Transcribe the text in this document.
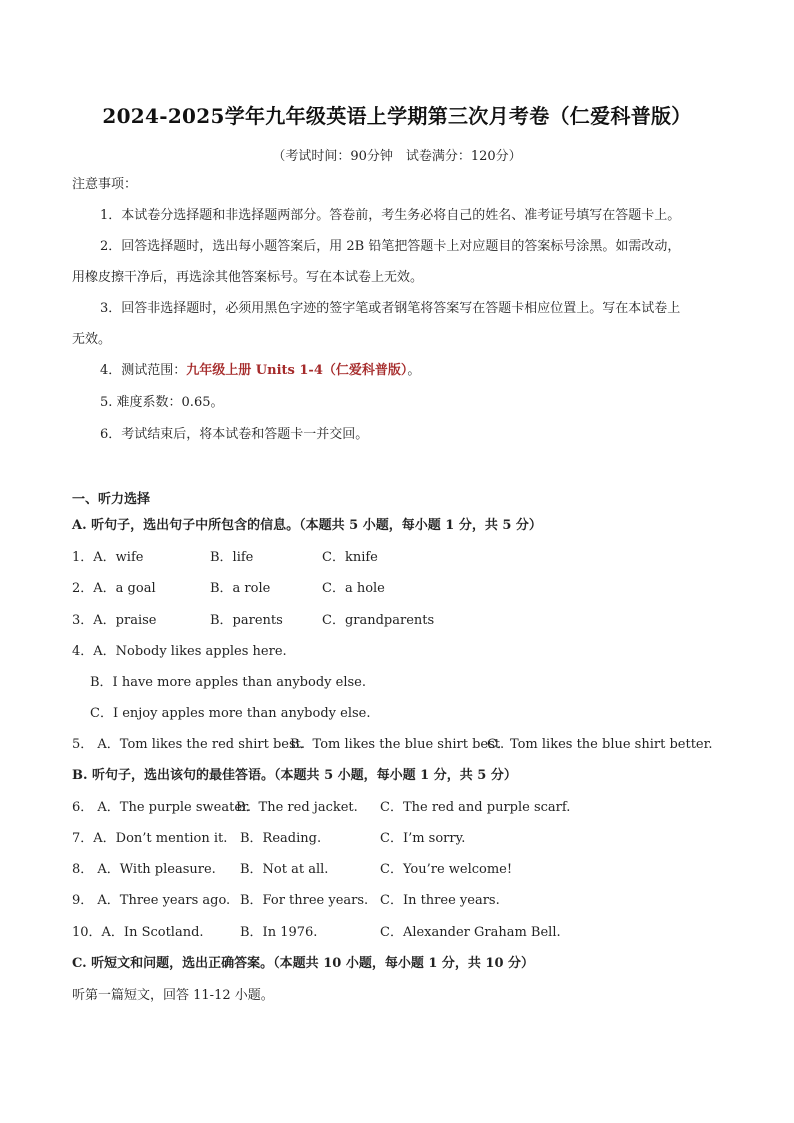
2024-2025学年九年级英语上学期第三次月考卷（仁爱科普版）
（考试时间：90分钟　试卷满分：120分）
注意事项：
1．本试卷分选择题和非选择题两部分。答卷前，考生务必将自己的姓名、准考证号填写在答题卡上。
2．回答选择题时，选出每小题答案后，用 2B 铅笔把答题卡上对应题目的答案标号涂黑。如需改动，
用橡皮擦干净后，再选涂其他答案标号。写在本试卷上无效。
3．回答非选择题时，必须用黑色字迹的签字笔或者钢笔将答案写在答题卡相应位置上。写在本试卷上
无效。
4．测试范围：九年级上册 Units 1-4（仁爱科普版）。
5. 难度系数：0.65。
6．考试结束后，将本试卷和答题卡一并交回。
一、听力选择
A. 听句子，选出句子中所包含的信息。（本题共 5 小题，每小题 1 分，共 5 分）
1．A．wife	B．life	C．knife
2．A．a goal	B．a role	C．a hole
3．A．praise	B．parents	C．grandparents
4．A．Nobody likes apples here.
B．I have more apples than anybody else.
C．I enjoy apples more than anybody else.
5． A．Tom likes the red shirt best.
B．Tom likes the blue shirt best.
C．Tom likes the blue shirt better.
B. 听句子，选出该句的最佳答语。（本题共 5 小题，每小题 1 分，共 5 分）
6． A．The purple sweater.
B．The red jacket. C．The red and purple scarf.
7．A．Don’t mention it. B．Reading.	C．I’m sorry.
8． A．With pleasure. B．Not at all.	C．You’re welcome!
9． A．Three years ago. B．For three years. C．In three years.
10．A．In Scotland.	B．In 1976.	C．Alexander Graham Bell.
C. 听短文和问题，选出正确答案。（本题共 10 小题，每小题 1 分，共 10 分）
听第一篇短文，回答 11-12 小题。
